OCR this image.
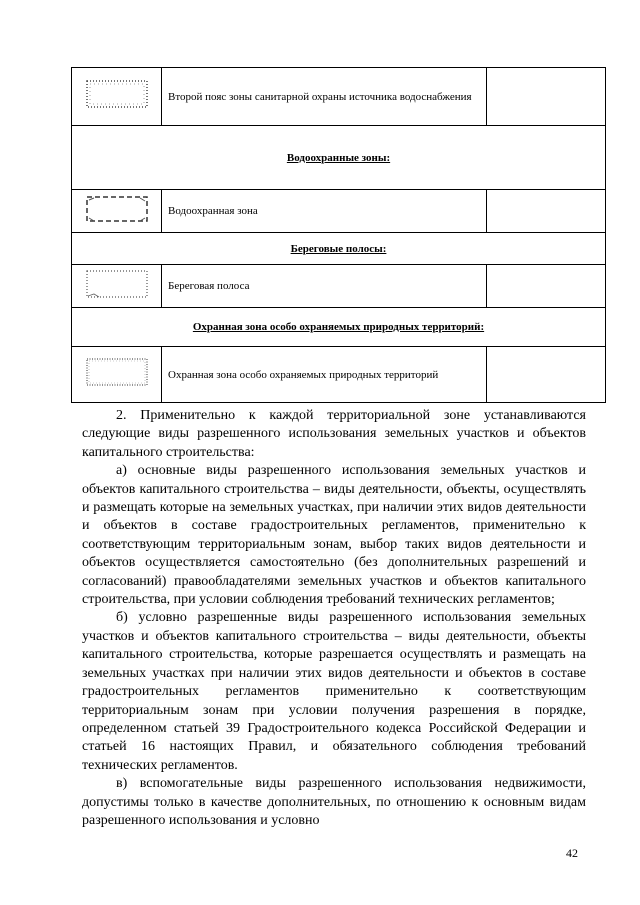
	Второй пояс зоны санитарной охраны источника водоснабжения	
Водоохранные зоны:		

	Водоохранная зона	
Береговые полосы:		

	Береговая полоса	
Охранная зона особо охраняемых природных территорий:		

	Охранная зона особо охраняемых природных территорий	

2. Применительно к каждой территориальной зоне устанавливаются следующие виды разрешенного использования земельных участков и объектов капитального строительства:

а) основные виды разрешенного использования земельных участков и объектов капитального строительства – виды деятельности, объекты, осуществлять и размещать которые на земельных участках, при наличии этих видов деятельности и объектов в составе градостроительных регламентов, применительно к соответствующим территориальным зонам, выбор таких видов деятельности и объектов осуществляется самостоятельно (без дополнительных разрешений и согласований) правообладателями земельных участков и объектов капитального строительства, при условии соблюдения требований технических регламентов;

б) условно разрешенные виды разрешенного использования земельных участков и объектов капитального строительства – виды деятельности, объекты капитального строительства, которые разрешается осуществлять и размещать на земельных участках при наличии этих видов деятельности и объектов в составе градостроительных регламентов применительно к соответствующим территориальным зонам при условии получения разрешения в порядке, определенном статьей 39 Градостроительного кодекса Российской Федерации и статьей 16 настоящих Правил, и обязательного соблюдения требований технических регламентов.

в) вспомогательные виды разрешенного использования недвижимости, допустимы только в качестве дополнительных, по отношению к основным видам разрешенного использования и условно

42
